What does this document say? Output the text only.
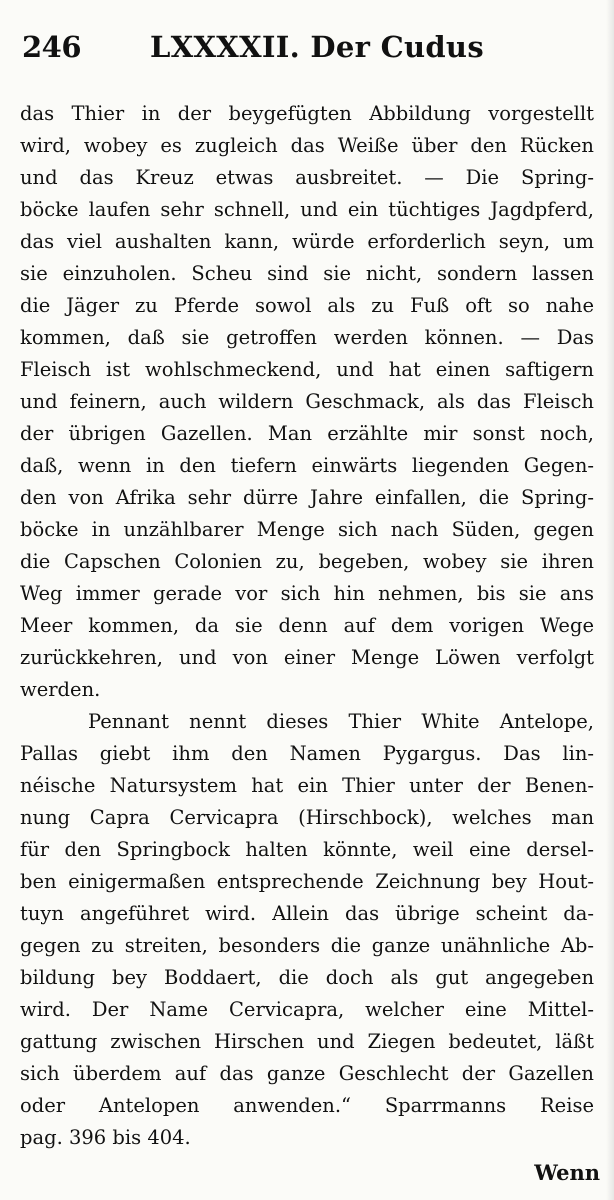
246 LXXXXII. Der Cudus
das Thier in der beygefügten Abbildung vorgestellt
wird, wobey es zugleich das Weiße über den Rücken
und das Kreuz etwas ausbreitet. — Die Spring-
böcke laufen sehr schnell, und ein tüchtiges Jagdpferd,
das viel aushalten kann, würde erforderlich seyn, um
sie einzuholen. Scheu sind sie nicht, sondern lassen
die Jäger zu Pferde sowol als zu Fuß oft so nahe
kommen, daß sie getroffen werden können. — Das
Fleisch ist wohlschmeckend, und hat einen saftigern
und feinern, auch wildern Geschmack, als das Fleisch
der übrigen Gazellen. Man erzählte mir sonst noch,
daß, wenn in den tiefern einwärts liegenden Gegen-
den von Afrika sehr dürre Jahre einfallen, die Spring-
böcke in unzählbarer Menge sich nach Süden, gegen
die Capschen Colonien zu, begeben, wobey sie ihren
Weg immer gerade vor sich hin nehmen, bis sie ans
Meer kommen, da sie denn auf dem vorigen Wege
zurückkehren, und von einer Menge Löwen verfolgt
werden.
Pennant nennt dieses Thier White Antelope,
Pallas giebt ihm den Namen Pygargus. Das lin-
néische Natursystem hat ein Thier unter der Benen-
nung Capra Cervicapra (Hirschbock), welches man
für den Springbock halten könnte, weil eine dersel-
ben einigermaßen entsprechende Zeichnung bey Hout-
tuyn angeführet wird. Allein das übrige scheint da-
gegen zu streiten, besonders die ganze unähnliche Ab-
bildung bey Boddaert, die doch als gut angegeben
wird. Der Name Cervicapra, welcher eine Mittel-
gattung zwischen Hirschen und Ziegen bedeutet, läßt
sich überdem auf das ganze Geschlecht der Gazellen
oder Antelopen anwenden.“ Sparrmanns Reise
pag. 396 bis 404.
Wenn
